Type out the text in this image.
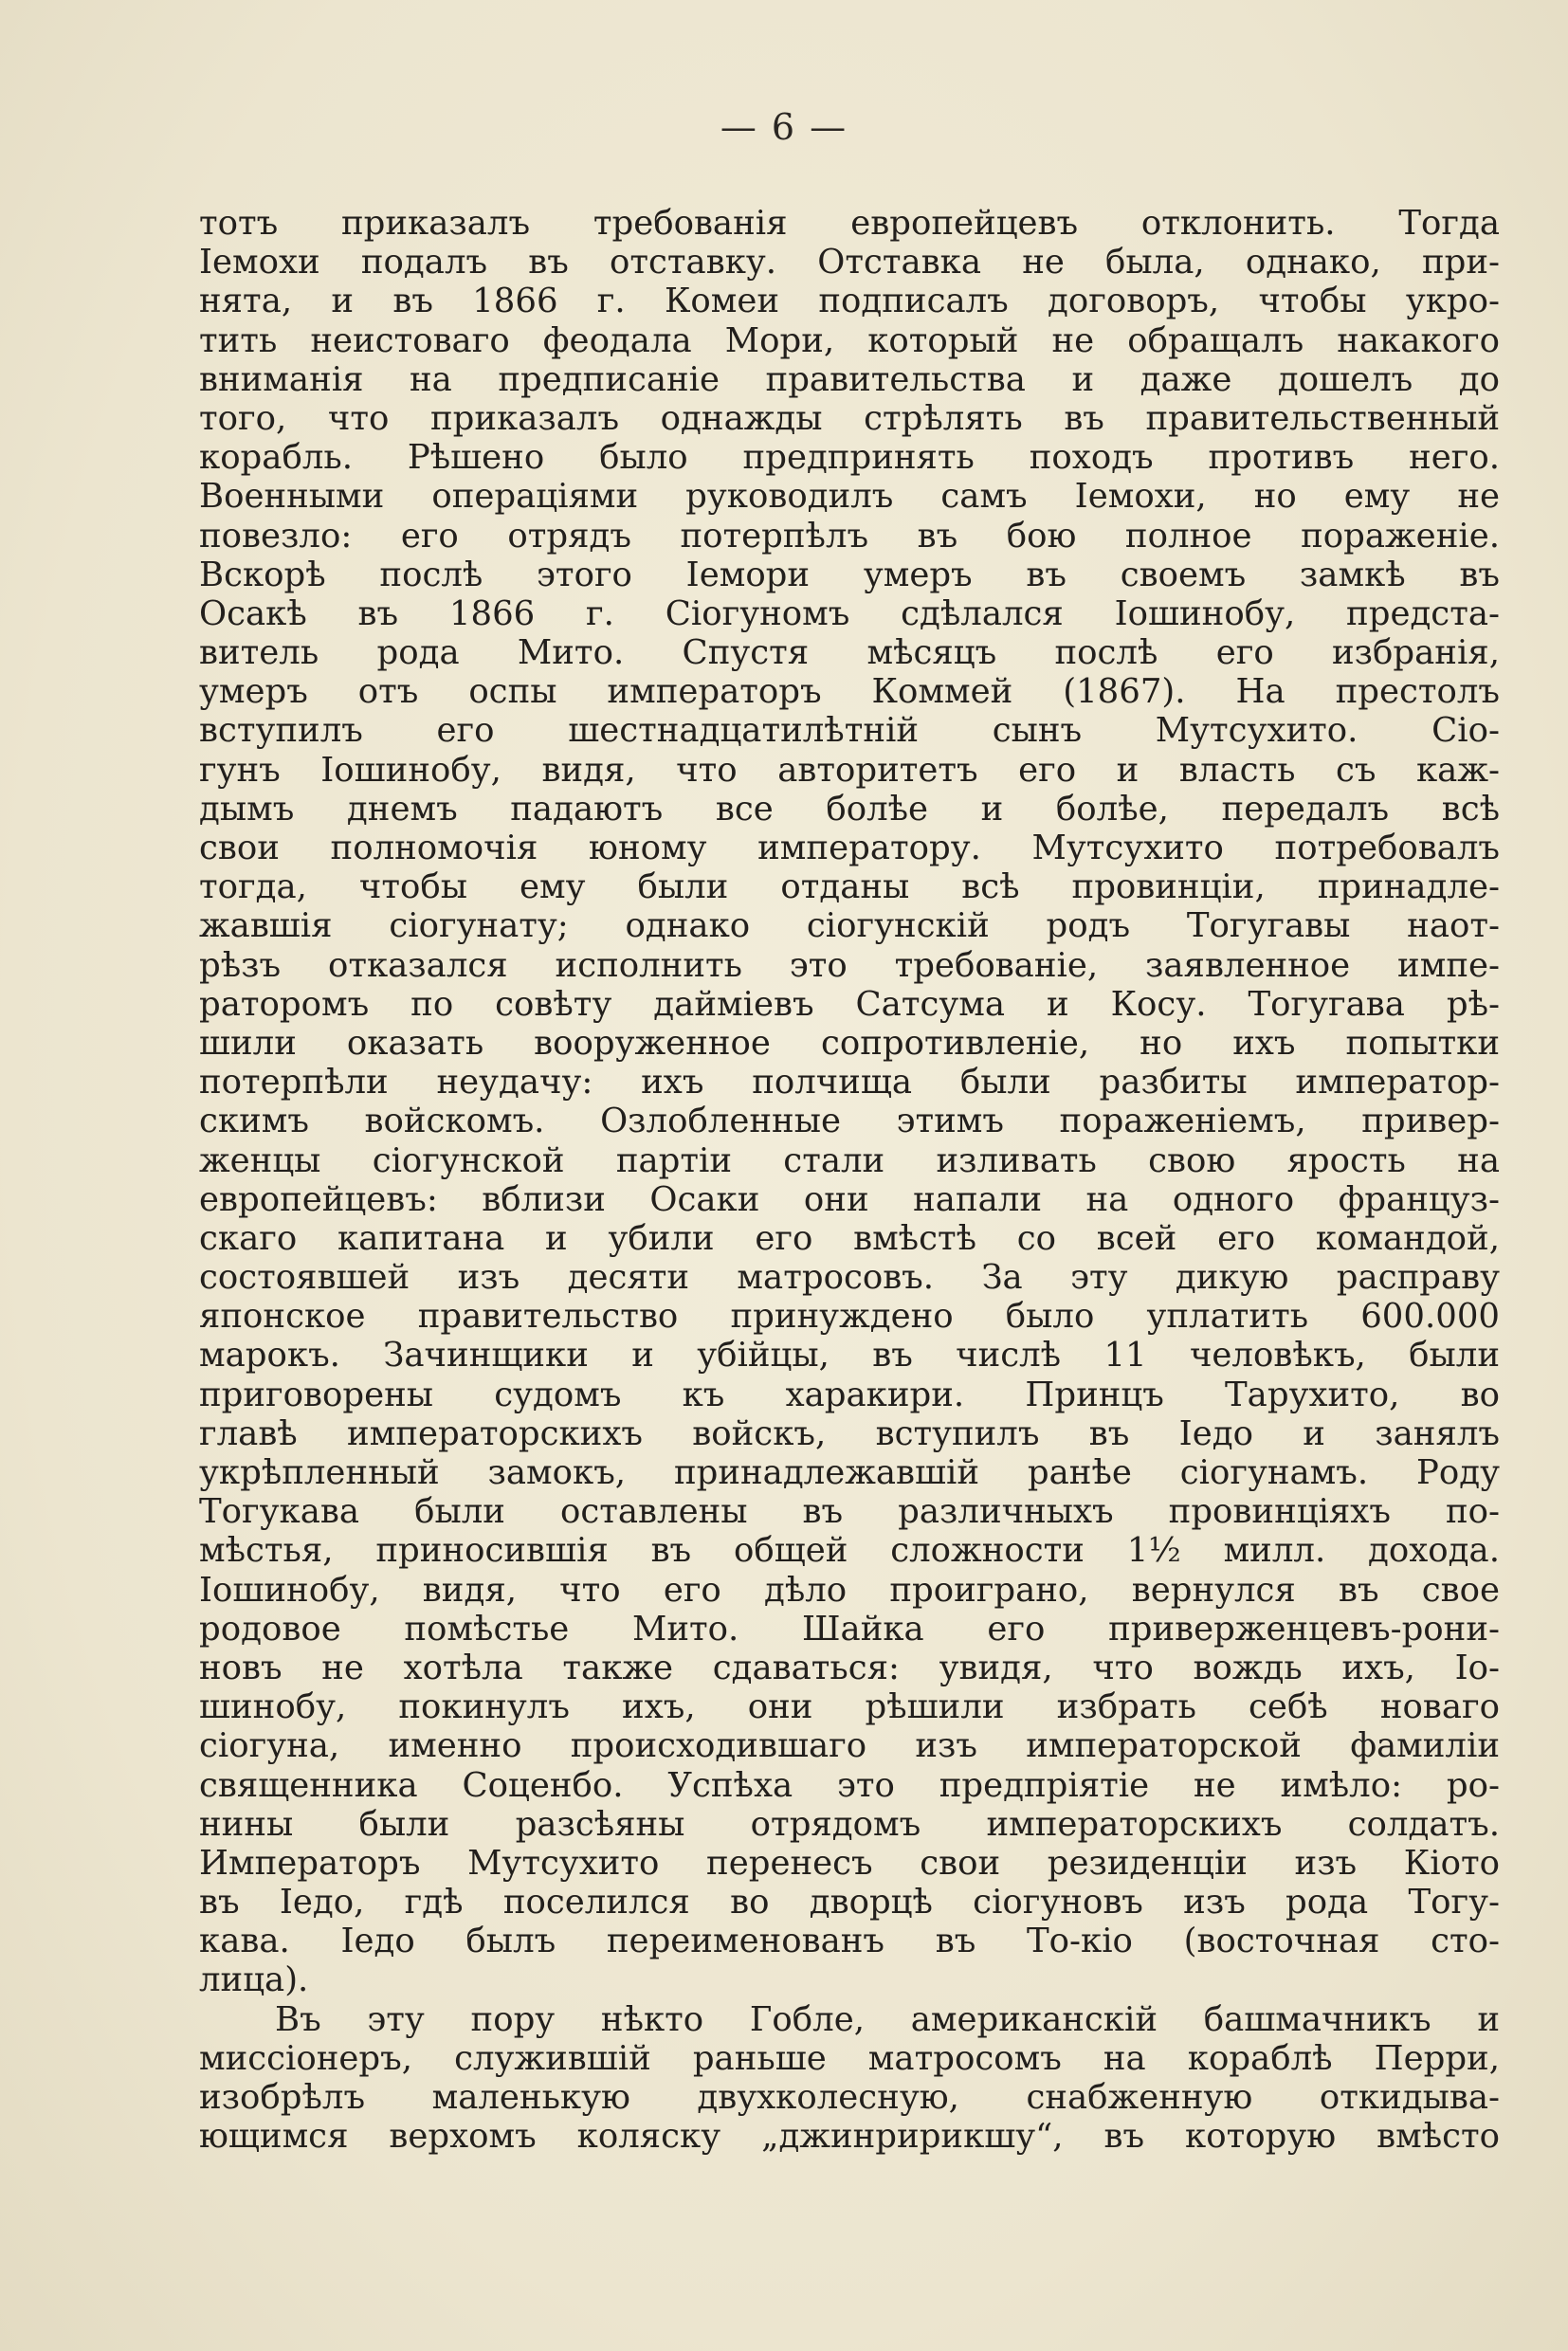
— 6 —
тотъ приказалъ требованія европейцевъ отклонить. Тогда
Іемохи подалъ въ отставку. Отставка не была, однако, при-
нята, и въ 1866 г. Комеи подписалъ договоръ, чтобы укро-
тить неистоваго феодала Мори, который не обращалъ накакого
вниманія на предписаніе правительства и даже дошелъ до
того, что приказалъ однажды стрѣлять въ правительственный
корабль. Рѣшено было предпринять походъ противъ него.
Военными операціями руководилъ самъ Іемохи, но ему не
повезло: его отрядъ потерпѣлъ въ бою полное пораженіе.
Вскорѣ послѣ этого Іемори умеръ въ своемъ замкѣ въ
Осакѣ въ 1866 г. Сіогуномъ сдѣлался Іошинобу, предста-
витель рода Мито. Спустя мѣсяцъ послѣ его избранія,
умеръ отъ оспы императоръ Коммей (1867). На престолъ
вступилъ его шестнадцатилѣтній сынъ Мутсухито. Сіо-
гунъ Іошинобу, видя, что авторитетъ его и власть съ каж-
дымъ днемъ падаютъ все болѣе и болѣе, передалъ всѣ
свои полномочія юному императору. Мутсухито потребовалъ
тогда, чтобы ему были отданы всѣ провинціи, принадле-
жавшія сіогунату; однако сіогунскій родъ Тогугавы наот-
рѣзъ отказался исполнить это требованіе, заявленное импе-
раторомъ по совѣту дайміевъ Сатсума и Косу. Тогугава рѣ-
шили оказать вооруженное сопротивленіе, но ихъ попытки
потерпѣли неудачу: ихъ полчища были разбиты император-
скимъ войскомъ. Озлобленные этимъ пораженіемъ, привер-
женцы сіогунской партіи стали изливать свою ярость на
европейцевъ: вблизи Осаки они напали на одного француз-
скаго капитана и убили его вмѣстѣ со всей его командой,
состоявшей изъ десяти матросовъ. За эту дикую расправу
японское правительство принуждено было уплатить 600.000
марокъ. Зачинщики и убійцы, въ числѣ 11 человѣкъ, были
приговорены судомъ къ харакири. Принцъ Тарухито, во
главѣ императорскихъ войскъ, вступилъ въ Іедо и занялъ
укрѣпленный замокъ, принадлежавшій ранѣе сіогунамъ. Роду
Тогукава были оставлены въ различныхъ провинціяхъ по-
мѣстья, приносившія въ общей сложности 1½ милл. дохода.
Іошинобу, видя, что его дѣло проиграно, вернулся въ свое
родовое помѣстье Мито. Шайка его приверженцевъ-рони-
новъ не хотѣла также сдаваться: увидя, что вождь ихъ, Іо-
шинобу, покинулъ ихъ, они рѣшили избрать себѣ новаго
сіогуна, именно происходившаго изъ императорской фамиліи
священника Соценбо. Успѣха это предпріятіе не имѣло: ро-
нины были разсѣяны отрядомъ императорскихъ солдатъ.
Императоръ Мутсухито перенесъ свои резиденціи изъ Кіото
въ Іедо, гдѣ поселился во дворцѣ сіогуновъ изъ рода Тогу-
кава. Іедо былъ переименованъ въ То-кіо (восточная сто-
лица).
Въ эту пору нѣкто Гобле, американскій башмачникъ и
миссіонеръ, служившій раньше матросомъ на кораблѣ Перри,
изобрѣлъ маленькую двухколесную, снабженную откидыва-
ющимся верхомъ коляску „джинририкшу“, въ которую вмѣсто
